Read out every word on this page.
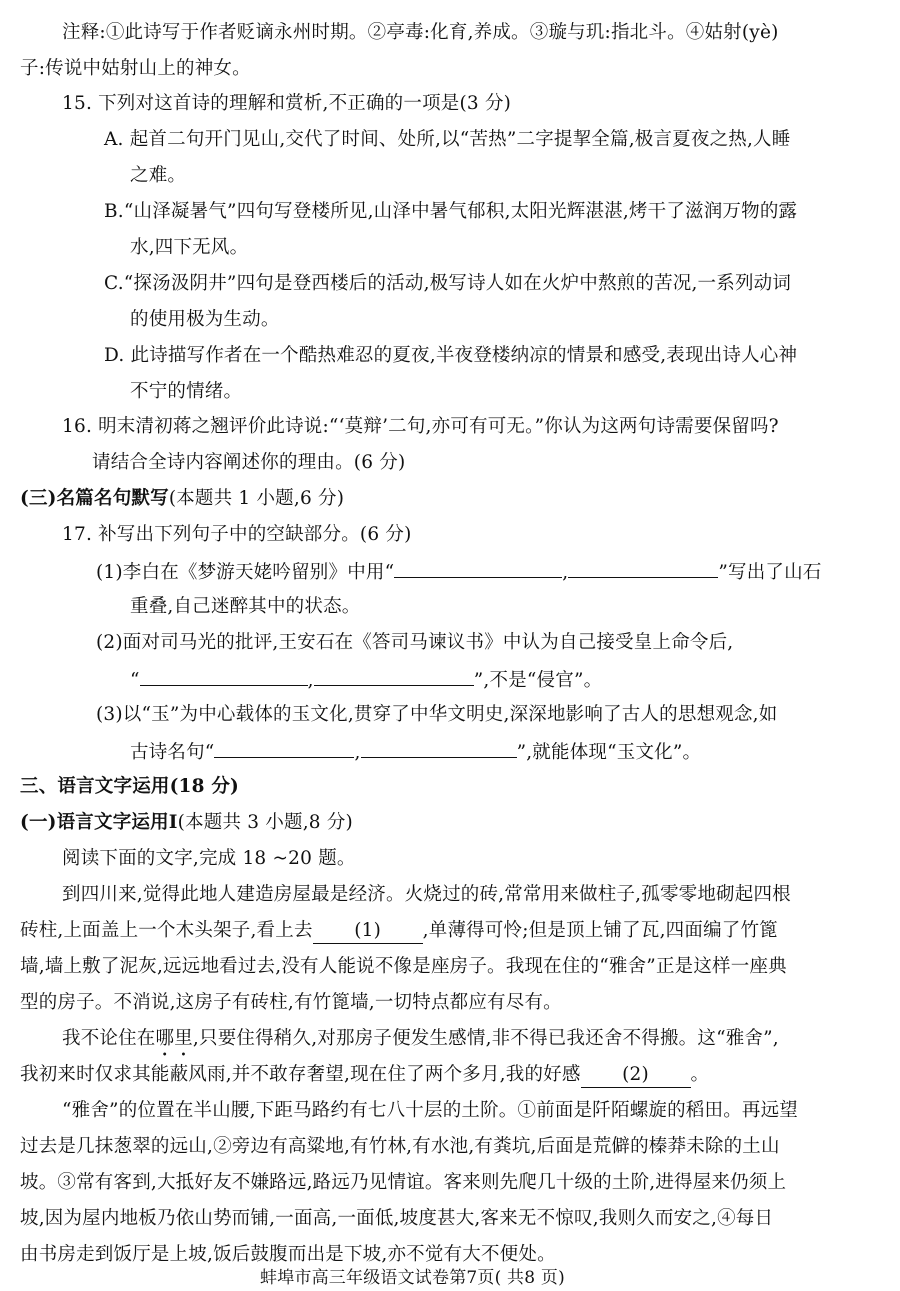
注释:①此诗写于作者贬谪永州时期。②亭毒:化育,养成。③璇与玑:指北斗。④姑射(yè)
子:传说中姑射山上的神女。
15. 下列对这首诗的理解和赏析,不正确的一项是(3 分)
A. 起首二句开门见山,交代了时间、处所,以“苦热”二字提挈全篇,极言夏夜之热,人睡
之难。
B.“山泽凝暑气”四句写登楼所见,山泽中暑气郁积,太阳光辉湛湛,烤干了滋润万物的露
水,四下无风。
C.“探汤汲阴井”四句是登西楼后的活动,极写诗人如在火炉中熬煎的苦况,一系列动词
的使用极为生动。
D. 此诗描写作者在一个酷热难忍的夏夜,半夜登楼纳凉的情景和感受,表现出诗人心神
不宁的情绪。
16. 明末清初蒋之翘评价此诗说:“‘莫辩’二句,亦可有可无。”你认为这两句诗需要保留吗?
请结合全诗内容阐述你的理由。(6 分)
(三)名篇名句默写(本题共 1 小题,6 分)
17. 补写出下列句子中的空缺部分。(6 分)
(1)李白在《梦游天姥吟留别》中用“	,	”写出了山石
重叠,自己迷醉其中的状态。
(2)面对司马光的批评,王安石在《答司马谏议书》中认为自己接受皇上命令后,
“	,	”,不是“侵官”。
(3)以“玉”为中心载体的玉文化,贯穿了中华文明史,深深地影响了古人的思想观念,如
古诗名句“	,	”,就能体现“玉文化”。
三、语言文字运用(18 分)
(一)语言文字运用Ⅰ(本题共 3 小题,8 分)
阅读下面的文字,完成 18 ~20 题。
到四川来,觉得此地人建造房屋最是经济。火烧过的砖,常常用来做柱子,孤零零地砌起四根
砖柱,上面盖上一个木头架子,看上去 (1) ,单薄得可怜;但是顶上铺了瓦,四面编了竹篦
墙,墙上敷了泥灰,远远地看过去,没有人能说不像是座房子。我现在住的“雅舍”正是这样一座典
型的房子。不消说,这房子有砖柱,有竹篦墙,一切特点都应有尽有。
我不论住在哪里,只要住得稍久,对那房子便发生感情,非不得已我还舍不得搬。这“雅舍”,
我初来时仅求其能蔽风雨,并不敢存奢望,现在住了两个多月,我的好感 (2) 。
“雅舍”的位置在半山腰,下距马路约有七八十层的土阶。①前面是阡陌螺旋的稻田。再远望
过去是几抹葱翠的远山,②旁边有高粱地,有竹林,有水池,有粪坑,后面是荒僻的榛莽未除的土山
坡。③常有客到,大抵好友不嫌路远,路远乃见情谊。客来则先爬几十级的土阶,进得屋来仍须上
坡,因为屋内地板乃依山势而铺,一面高,一面低,坡度甚大,客来无不惊叹,我则久而安之,④每日
由书房走到饭厅是上坡,饭后鼓腹而出是下坡,亦不觉有大不便处。
蚌埠市高三年级语文试卷第7页( 共8 页)
